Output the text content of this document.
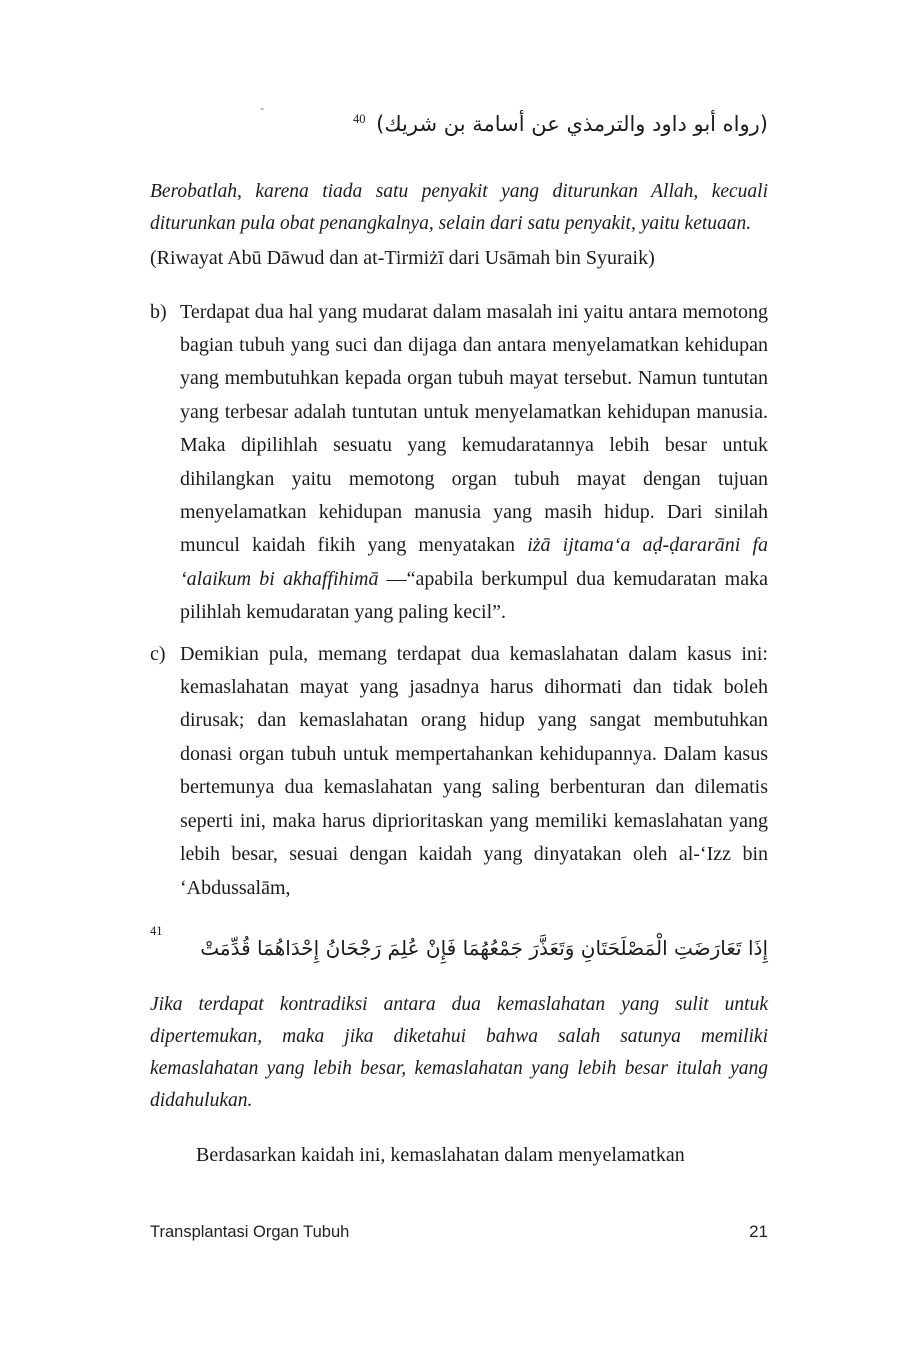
-
$^{40}$ (رواه أبو داود والترمذي عن أسامة بن شريك)

Berobatlah, karena tiada satu penyakit yang diturunkan Allah, kecuali diturunkan pula obat penangkalnya, selain dari satu penyakit, yaitu ketuaan.

(Riwayat Abū Dāwud dan at-Tirmiżī dari Usāmah bin Syuraik)

b) Terdapat dua hal yang mudarat dalam masalah ini yaitu antara memotong bagian tubuh yang suci dan dijaga dan antara menyelamatkan kehidupan yang membutuhkan kepada organ tubuh mayat tersebut. Namun tuntutan yang terbesar adalah tuntutan untuk menyelamatkan kehidupan manusia. Maka dipilihlah sesuatu yang kemudaratannya lebih besar untuk dihilangkan yaitu memotong organ tubuh mayat dengan tujuan menyelamatkan kehidupan manusia yang masih hidup. Dari sinilah muncul kaidah fikih yang menyatakan iżā ijtama‘a aḍ-ḍararāni fa ‘alaikum bi akhaffihimā —“apabila berkumpul dua kemudaratan maka pilihlah kemudaratan yang paling kecil”.
c) Demikian pula, memang terdapat dua kemaslahatan dalam kasus ini: kemaslahatan mayat yang jasadnya harus dihormati dan tidak boleh dirusak; dan kemaslahatan orang hidup yang sangat membutuhkan donasi organ tubuh untuk mempertahankan kehidupannya. Dalam kasus bertemunya dua kemaslahatan yang saling berbenturan dan dilematis seperti ini, maka harus diprioritaskan yang memiliki kemaslahatan yang lebih besar, sesuai dengan kaidah yang dinyatakan oleh al-‘Izz bin ‘Abdussalām,
41
إِذَا تَعَارَضَتِ الْمَصْلَحَتَانِ وَتَعَذَّرَ جَمْعُهُمَا فَإِنْ عُلِمَ رَجْحَانُ إِحْدَاهُمَا قُدِّمَتْ

Jika terdapat kontradiksi antara dua kemaslahatan yang sulit untuk dipertemukan, maka jika diketahui bahwa salah satunya memiliki kemaslahatan yang lebih besar, kemaslahatan yang lebih besar itulah yang didahulukan.

Berdasarkan kaidah ini, kemaslahatan dalam menyelamatkan

Transplantasi Organ Tubuh	21
